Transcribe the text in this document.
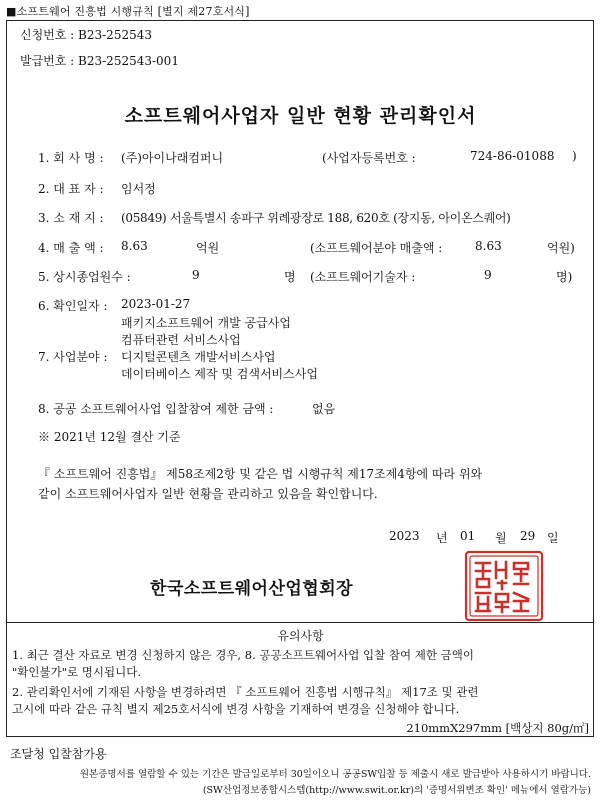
■소프트웨어 진흥법 시행규칙 [별지 제27호서식]
신청번호 : B23-252543
발급번호 : B23-252543-001
소프트웨어사업자 일반 현황 관리확인서
1. 회 사 명 : (주)아이나래컴퍼니	(사업자등록번호 :	724-86-01088 )
2. 대 표 자 : 임서정
3. 소 재 지 : (05849) 서울특별시 송파구 위례광장로 188, 620호 (장지동, 아이온스퀘어)
4. 매 출 액 : 8.63	억원	(소프트웨어분야 매출액 :	8.63	억원)
5. 상시종업원수 :	9	명 (소프트웨어기술자 :	9	명)
6. 확인일자 : 2023-01-27
7. 사업분야 :
패키지소프트웨어 개발 공급사업
컴퓨터관련 서비스사업
디지털콘텐츠 개발서비스사업
데이터베이스 제작 및 검색서비스사업
8. 공공 소프트웨어사업 입찰참여 제한 금액 :	없음
※ 2021년 12월 결산 기준
『 소프트웨어 진흥법』 제58조제2항 및 같은 법 시행규칙 제17조제4항에 따라 위와
같이 소프트웨어사업자 일반 현황을 관리하고 있음을 확인합니다.
2023 년 01 월 29 일
한국소프트웨어산업협회장
유의사항
1. 최근 결산 자료로 변경 신청하지 않은 경우, 8. 공공소프트웨어사업 입찰 참여 제한 금액이
"확인불가"로 명시됩니다.
2. 관리확인서에 기재된 사항을 변경하려면 『 소프트웨어 진흥법 시행규칙』 제17조 및 관련
고시에 따라 같은 규칙 별지 제25호서식에 변경 사항을 기재하여 변경을 신청해야 합니다.
210mmX297mm [백상지 80g/㎡]
조달청 입찰참가용
원본증명서를 열람할 수 있는 기간은 발급일로부터 30일이오니 공공SW입찰 등 제출시 새로 발급받아 사용하시기 바랍니다.
(SW산업정보종합시스템(http://www.swit.or.kr)의 '증명서위변조 확인' 메뉴에서 열람가능)
